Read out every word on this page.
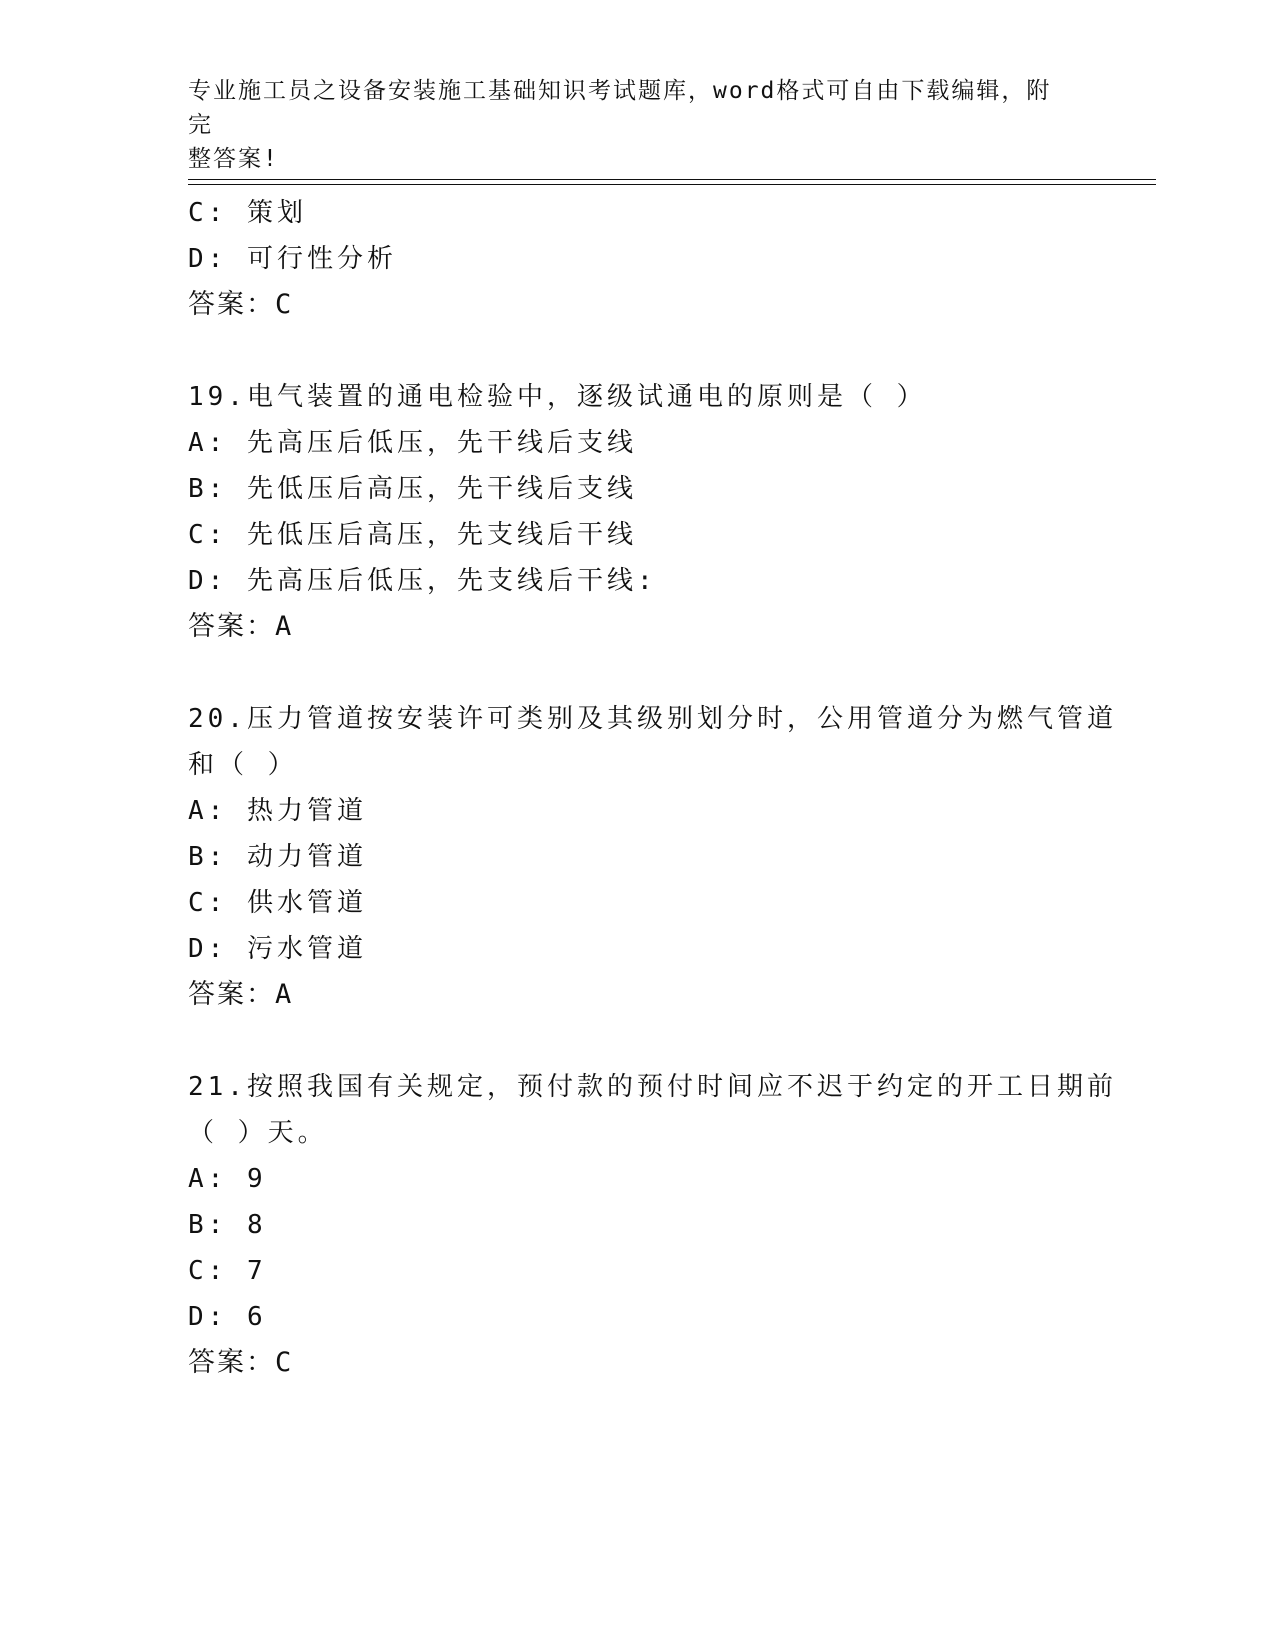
专业施工员之设备安装施工基础知识考试题库，word格式可自由下载编辑，附完
整答案!
C: 策划
D: 可行性分析
答案：C
19.电气装置的通电检验中，逐级试通电的原则是（ ）
A: 先高压后低压，先干线后支线
B: 先低压后高压，先干线后支线
C: 先低压后高压，先支线后干线
D: 先高压后低压，先支线后干线:
答案：A
20.压力管道按安装许可类别及其级别划分时，公用管道分为燃气管道
和（ ）
A: 热力管道
B: 动力管道
C: 供水管道
D: 污水管道
答案：A
21.按照我国有关规定，预付款的预付时间应不迟于约定的开工日期前
（ ）天。
A: 9
B: 8
C: 7
D: 6
答案：C
